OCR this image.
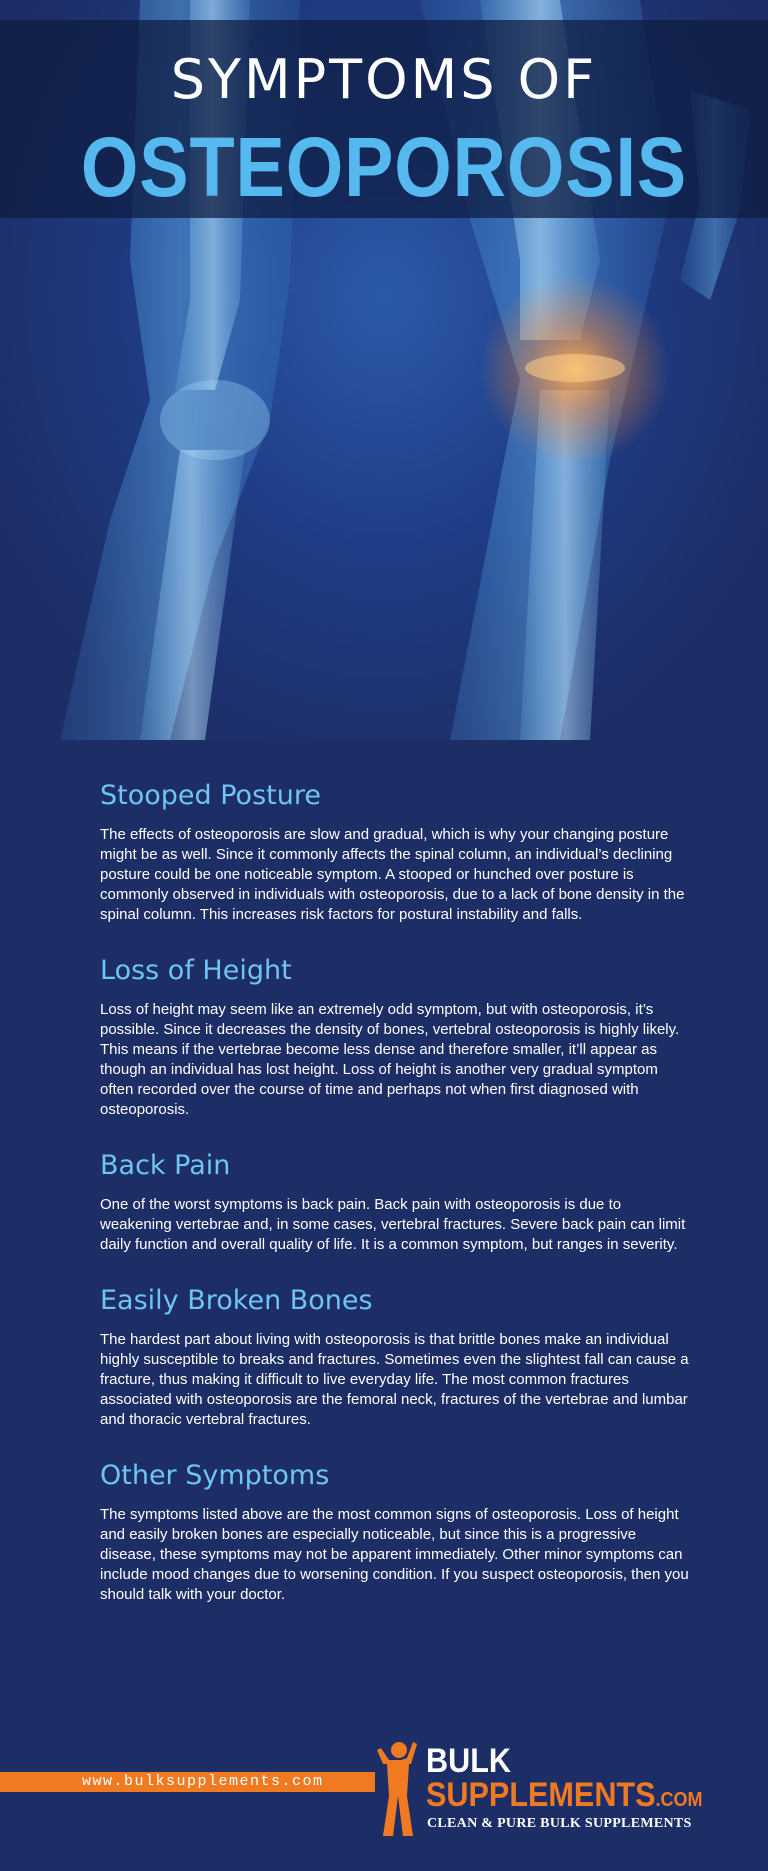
SYMPTOMS OF
OSTEOPOROSIS
Stooped Posture

The effects of osteoporosis are slow and gradual, which is why your changing posture might be as well. Since it commonly affects the spinal column, an individual’s declining posture could be one noticeable symptom. A stooped or hunched over posture is commonly observed in individuals with osteoporosis, due to a lack of bone density in the spinal column. This increases risk factors for postural instability and falls.

Loss of Height

Loss of height may seem like an extremely odd symptom, but with osteoporosis, it’s possible. Since it decreases the density of bones, vertebral osteoporosis is highly likely. This means if the vertebrae become less dense and therefore smaller, it’ll appear as though an individual has lost height. Loss of height is another very gradual symptom often recorded over the course of time and perhaps not when first diagnosed with osteoporosis.

Back Pain

One of the worst symptoms is back pain. Back pain with osteoporosis is due to weakening vertebrae and, in some cases, vertebral fractures. Severe back pain can limit daily function and overall quality of life. It is a common symptom, but ranges in severity.

Easily Broken Bones

The hardest part about living with osteoporosis is that brittle bones make an individual highly susceptible to breaks and fractures. Sometimes even the slightest fall can cause a fracture, thus making it difficult to live everyday life. The most common fractures associated with osteoporosis are the femoral neck, fractures of the vertebrae and lumbar and thoracic vertebral fractures.

Other Symptoms

The symptoms listed above are the most common signs of osteoporosis. Loss of height and easily broken bones are especially noticeable, but since this is a progressive disease, these symptoms may not be apparent immediately. Other minor symptoms can include mood changes due to worsening condition. If you suspect osteoporosis, then you should talk with your doctor.

www.bulksupplements.com
BULK
SUPPLEMENTS.COM
CLEAN & PURE BULK SUPPLEMENTS
